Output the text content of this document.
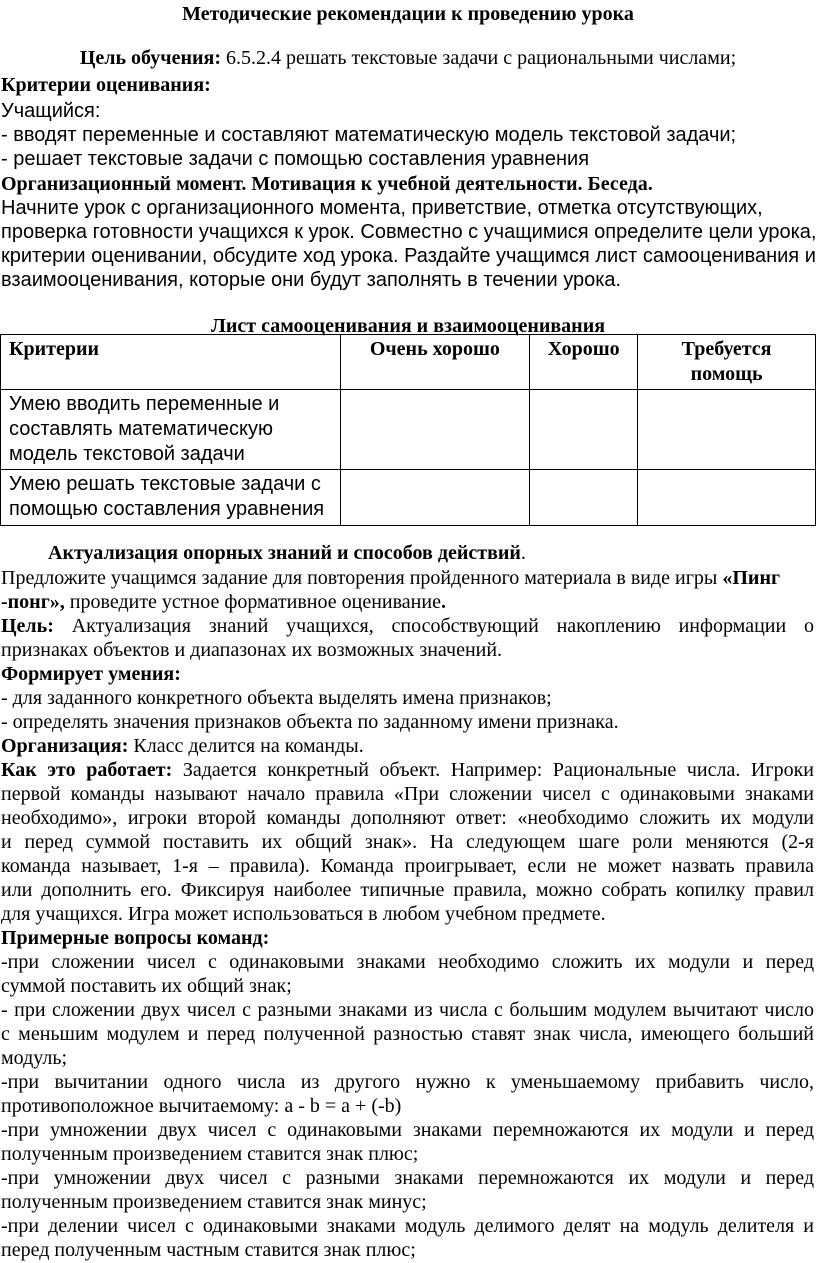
Методические рекомендации к проведению урока
Цель обучения: 6.5.2.4 решать текстовые задачи с рациональными числами;
Критерии оценивания:
Учащийся:
- вводят переменные и составляют математическую модель текстовой задачи;
- решает текстовые задачи с помощью составления уравнения
Организационный момент. Мотивация к учебной деятельности. Беседа.
Начните урок с организационного момента, приветствие, отметка отсутствующих,
проверка готовности учащихся к урок. Совместно с учащимися определите цели урока,
критерии оценивании, обсудите ход урока. Раздайте учащимся лист самооценивания и
взаимооценивания, которые они будут заполнять в течении урока.
Лист самооценивания и взаимооценивания
Критерии	Очень хорошо	Хорошо	Требуется помощь
Умею вводить переменные и составлять математическую модель текстовой задачи			
Умею решать текстовые задачи с помощью составления уравнения			
Актуализация опорных знаний и способов действий.
Предложите учащимся задание для повторения пройденного материала в виде игры «Пинг
-понг», проведите устное формативное оценивание.
Цель: Актуализация знаний учащихся, способствующий накоплению информации о
признаках объектов и диапазонах их возможных значений.
Формирует умения:
- для заданного конкретного объекта выделять имена признаков;
- определять значения признаков объекта по заданному имени признака.
Организация: Класс делится на команды.
Как это работает: Задается конкретный объект. Например: Рациональные числа. Игроки
первой команды называют начало правила «При сложении чисел с одинаковыми знаками
необходимо», игроки второй команды дополняют ответ: «необходимо сложить их модули
и перед суммой поставить их общий знак». На следующем шаге роли меняются (2-я
команда называет, 1-я – правила). Команда проигрывает, если не может назвать правила
или дополнить его. Фиксируя наиболее типичные правила, можно собрать копилку правил
для учащихся. Игра может использоваться в любом учебном предмете.
Примерные вопросы команд:
-при сложении чисел с одинаковыми знаками необходимо сложить их модули и перед
суммой поставить их общий знак;
- при сложении двух чисел с разными знаками из числа с большим модулем вычитают число
с меньшим модулем и перед полученной разностью ставят знак числа, имеющего больший
модуль;
-при вычитании одного числа из другого нужно к уменьшаемому прибавить число,
противоположное вычитаемому: a - b = a + (-b)
-при умножении двух чисел с одинаковыми знаками перемножаются их модули и перед
полученным произведением ставится знак плюс;
-при умножении двух чисел с разными знаками перемножаются их модули и перед
полученным произведением ставится знак минус;
-при делении чисел с одинаковыми знаками модуль делимого делят на модуль делителя и
перед полученным частным ставится знак плюс;
